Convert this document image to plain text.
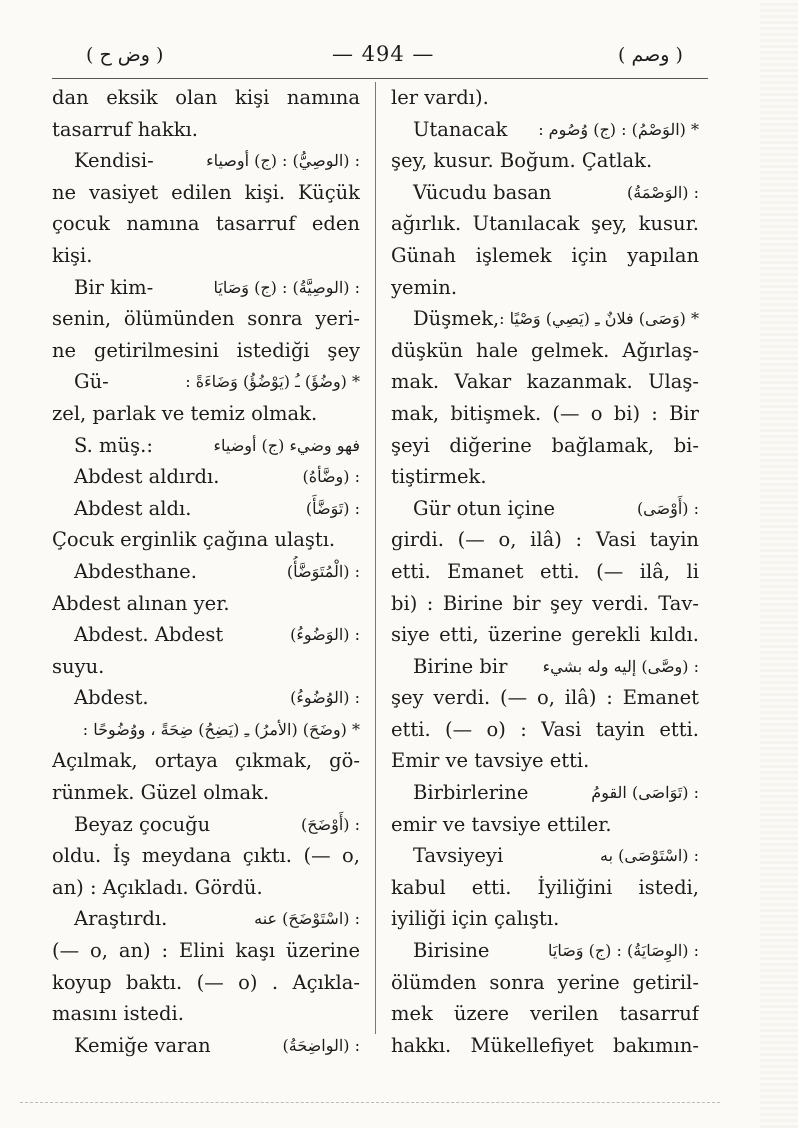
( وض ح )	— 494 —	( وصم )
dan eksik olan kişi namına
tasarruf hakkı.
Kendisi-	: (الوصِيُّ) : (ج) أوصياء
ne vasiyet edilen kişi. Küçük
çocuk namına tasarruf eden
kişi.
Bir kim-	: (الوصِيَّةُ) : (ج) وَصَايَا
senin, ölümünden sonra yeri-
ne getirilmesini istediği şey
Gü-	* (وضُؤَ) ـُ (يَوْضُؤُ) وَضَاءَةً :
zel, parlak ve temiz olmak.
S. müş.:	فهو وضيء (ج) أوضياء
Abdest aldırdı.	: (وضَّأهُ)
Abdest aldı.	: (تَوَضَّأَ)
Çocuk erginlik çağına ulaştı.
Abdesthane.	: (الْمُتَوَضَّأُ)
Abdest alınan yer.
Abdest. Abdest	: (الوَضُوءُ)
suyu.
Abdest.	: (الوُضُوءُ)
* (وضَحَ) (الأمرُ) ـِ (يَضِحُ) ضِحَةً ، ووُضُوحًا :
Açılmak, ortaya çıkmak, gö-
rünmek. Güzel olmak.
Beyaz çocuğu	: (أَوْضَحَ)
oldu. İş meydana çıktı. (— o,
an) : Açıkladı. Gördü.
Araştırdı.	: (اسْتَوْضَحَ) عنه
(— o, an) : Elini kaşı üzerine
koyup baktı. (— o) . Açıkla-
masını istedi.
Kemiğe varan	: (الواضِحَةُ)
ler vardı).
Utanacak * (الوَصْمُ) : (ج) وُصُوم :
şey, kusur. Boğum. Çatlak.
Vücudu basan	: (الوَصْمَةُ)
ağırlık. Utanılacak şey, kusur.
Günah işlemek için yapılan
yemin.
Düşmek, * (وَصَى) فلانٌ ـِ (يَصِي) وَصْيًا :
düşkün hale gelmek. Ağırlaş-
mak. Vakar kazanmak. Ulaş-
mak, bitişmek. (— o bi) : Bir
şeyi diğerine bağlamak, bi-
tiştirmek.
Gür otun içine	: (أَوْصَى)
girdi. (— o, ilâ) : Vasi tayin
etti. Emanet etti. (— ilâ, li
bi) : Birine bir şey verdi. Tav-
siye etti, üzerine gerekli kıldı.
Birine bir : (وصَّى) إليه وله بشيء
şey verdi. (— o, ilâ) : Emanet
etti. (— o) : Vasi tayin etti.
Emir ve tavsiye etti.
Birbirlerine	: (تَوَاصَى) القومُ
emir ve tavsiye ettiler.
Tavsiyeyi	: (اسْتَوْصَى) به
kabul etti. İyiliğini istedi,
iyiliği için çalıştı.
Birisine	: (الوِصَايَةُ) : (ج) وَصَايَا
ölümden sonra yerine getiril-
mek üzere verilen tasarruf
hakkı. Mükellefiyet bakımın-
